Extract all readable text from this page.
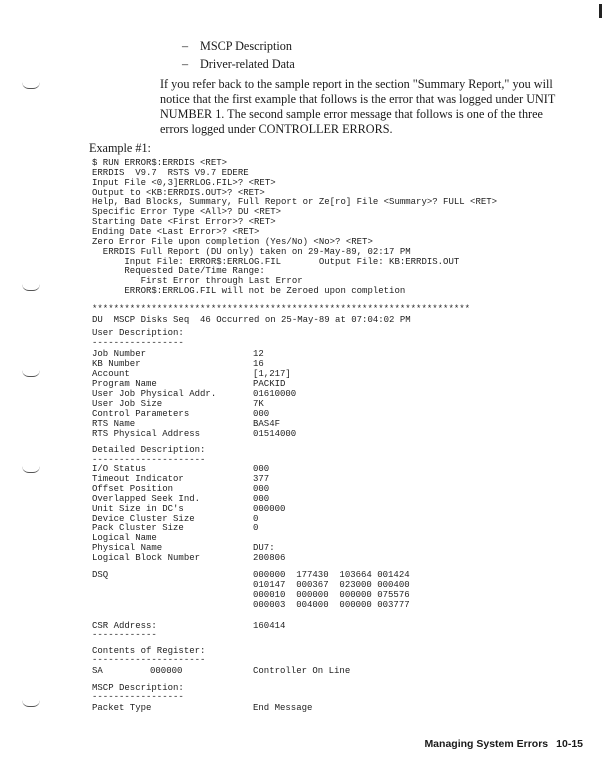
– MSCP Description
– Driver-related Data
If you refer back to the sample report in the section "Summary Report," you will
notice that the first example that follows is the error that was logged under UNIT
NUMBER 1. The second sample error message that follows is one of the three
errors logged under CONTROLLER ERRORS.
Example #1:
$ RUN ERROR$:ERRDIS <RET>
ERRDIS  V9.7  RSTS V9.7 EDERE
Input File <0,3]ERRLOG.FIL>? <RET>
Output to <KB:ERRDIS.OUT>? <RET>
Help, Bad Blocks, Summary, Full Report or Ze[ro] File <Summary>? FULL <RET>
Specific Error Type <All>? DU <RET>
Starting Date <First Error>? <RET>
Ending Date <Last Error>? <RET>
Zero Error File upon completion (Yes/No) <No>? <RET>
ERRDIS Full Report (DU only) taken on 29-May-89, 02:17 PM
Input File: ERROR$:ERRLOG.FIL       Output File: KB:ERRDIS.OUT
Requested Date/Time Range:
First Error through Last Error
ERROR$:ERRLOG.FIL will not be Zeroed upon completion
**********************************************************************
DU  MSCP Disks Seq  46 Occurred on 25-May-89 at 07:04:02 PM
User Description:
-----------------
Job Number	12
KB Number	16
Account	[1,217]
Program Name	PACKID
User Job Physical Addr.	01610000
User Job Size	7K
Control Parameters	000
RTS Name	BAS4F
RTS Physical Address	01514000
Detailed Description:
---------------------
I/O Status	000
Timeout Indicator	377
Offset Position	000
Overlapped Seek Ind.	000
Unit Size in DC's	000000
Device Cluster Size	0
Pack Cluster Size	0
Logical Name
Physical Name	DU7:
Logical Block Number	200806
DSQ	000000  177430  103664 001424
010147  000367  023000 000400
000010  000000  000000 075576
000003  004000  000000 003777
CSR Address:	160414
------------
Contents of Register:
---------------------
SA	000000	Controller On Line
MSCP Description:
-----------------
Packet Type	End Message
Managing System Errors 10-15
